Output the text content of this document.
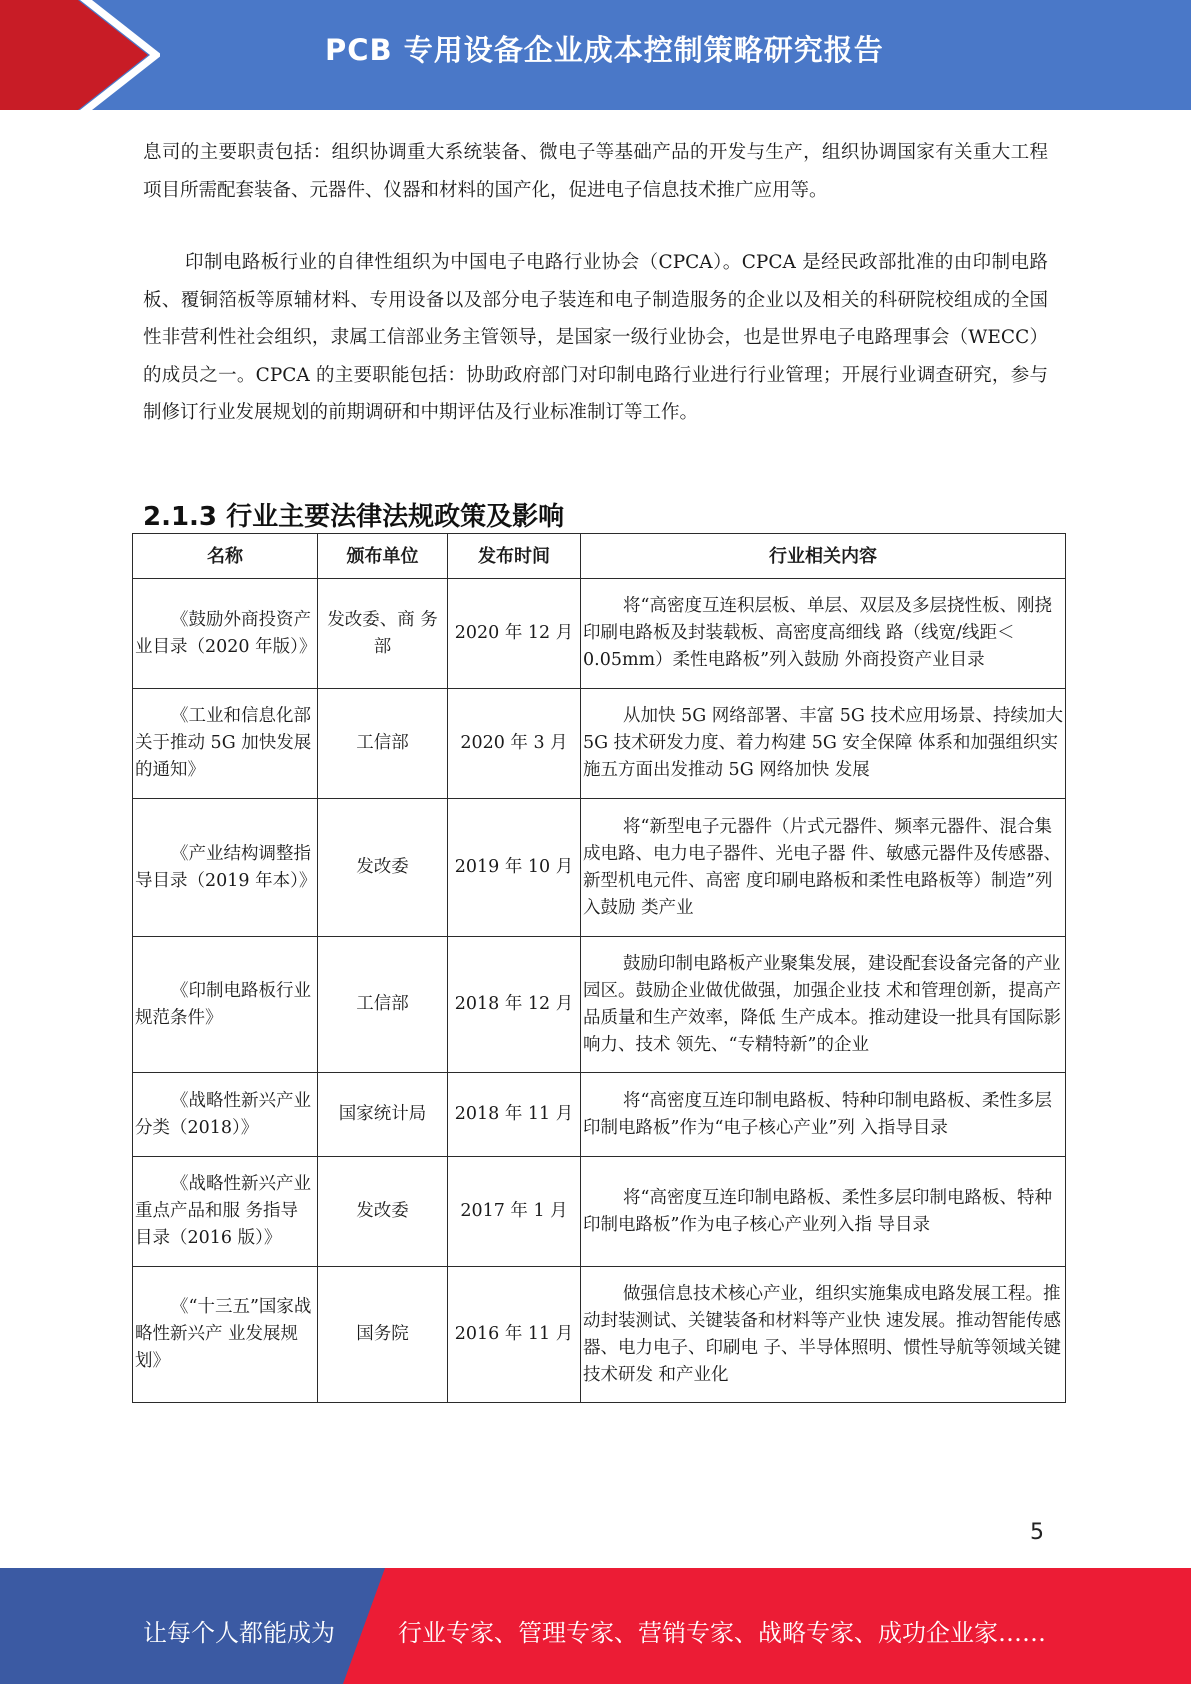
PCB 专用设备企业成本控制策略研究报告

息司的主要职责包括：组织协调重大系统装备、微电子等基础产品的开发与生产，组织协调国家有关重大工程项目所需配套装备、元器件、仪器和材料的国产化，促进电子信息技术推广应用等。

印制电路板行业的自律性组织为中国电子电路行业协会（CPCA）。CPCA 是经民政部批准的由印制电路板、覆铜箔板等原辅材料、专用设备以及部分电子装连和电子制造服务的企业以及相关的科研院校组成的全国性非营利性社会组织，隶属工信部业务主管领导，是国家一级行业协会，也是世界电子电路理事会（WECC）的成员之一。CPCA 的主要职能包括：协助政府部门对印制电路行业进行行业管理；开展行业调查研究，参与制修订行业发展规划的前期调研和中期评估及行业标准制订等工作。

2.1.3 行业主要法律法规政策及影响
名称	颁布单位	发布时间	行业相关内容
《鼓励外商投资产业目录（2020 年版）》	发改委、商 务部	2020 年 12 月	将“高密度互连积层板、单层、双层及多层挠性板、刚挠印刷电路板及封装载板、高密度高细线 路（线宽/线距＜0.05mm）柔性电路板”列入鼓励 外商投资产业目录
《工业和信息化部关于推动 5G 加快发展的通知》	工信部	2020 年 3 月	从加快 5G 网络部署、丰富 5G 技术应用场景、持续加大 5G 技术研发力度、着力构建 5G 安全保障 体系和加强组织实施五方面出发推动 5G 网络加快 发展
《产业结构调整指导目录（2019 年本）》	发改委	2019 年 10 月	将“新型电子元器件（片式元器件、频率元器件、混合集成电路、电力电子器件、光电子器 件、敏感元器件及传感器、新型机电元件、高密 度印刷电路板和柔性电路板等）制造”列入鼓励 类产业
《印制电路板行业规范条件》	工信部	2018 年 12 月	鼓励印制电路板产业聚集发展，建设配套设备完备的产业园区。鼓励企业做优做强，加强企业技 术和管理创新，提高产品质量和生产效率，降低 生产成本。推动建设一批具有国际影响力、技术 领先、“专精特新”的企业
《战略性新兴产业分类（2018）》	国家统计局	2018 年 11 月	将“高密度互连印制电路板、特种印制电路板、柔性多层印制电路板”作为“电子核心产业”列 入指导目录
《战略性新兴产业重点产品和服 务指导目录（2016 版）》	发改委	2017 年 1 月	将“高密度互连印制电路板、柔性多层印制电路板、特种印制电路板”作为电子核心产业列入指 导目录
《“十三五”国家战略性新兴产 业发展规划》	国务院	2016 年 11 月	做强信息技术核心产业，组织实施集成电路发展工程。推动封装测试、关键装备和材料等产业快 速发展。推动智能传感器、电力电子、印刷电 子、半导体照明、惯性导航等领域关键技术研发 和产业化
5
让每个人都能成为	行业专家、管理专家、营销专家、战略专家、成功企业家……
